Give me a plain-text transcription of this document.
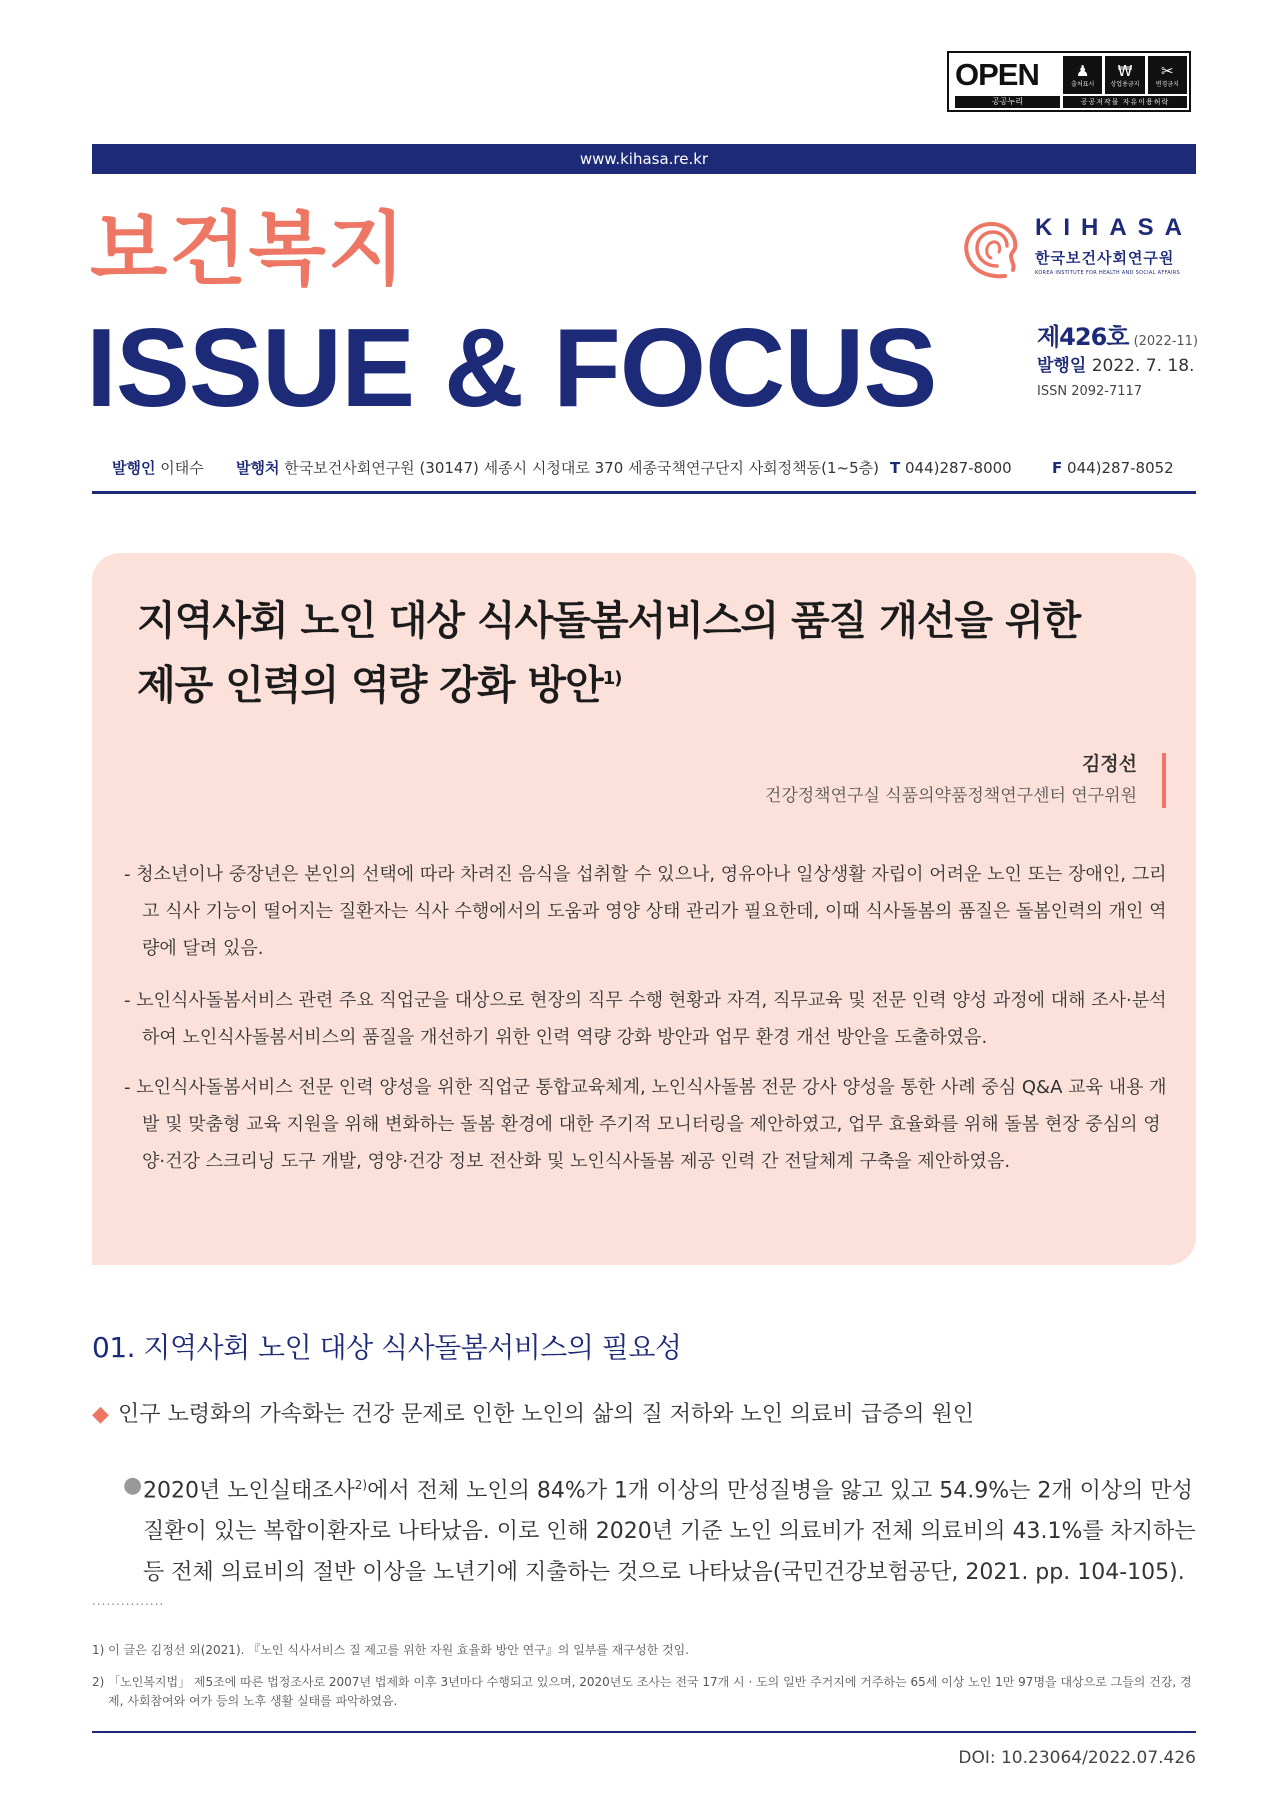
OPEN
공공누리
♟
출처표시
₩
상업용금지
✂
변경금지
공공저작물 자유이용허락
www.kihasa.re.kr
보건복지
ISSUE & FOCUS
KIHASA
한국보건사회연구원
KOREA INSTITUTE FOR HEALTH AND SOCIAL AFFAIRS
제426호 (2022-11)
발행일 2022. 7. 18.
ISSN 2092-7117
발행인 이태수 발행처 한국보건사회연구원 (30147) 세종시 시청대로 370 세종국책연구단지 사회정책동(1~5층) T 044)287-8000	F 044)287-8052
지역사회 노인 대상 식사돌봄서비스의 품질 개선을 위한
제공 인력의 역량 강화 방안$^{1)}$
김정선
건강정책연구실 식품의약품정책연구센터 연구위원
- 청소년이나 중장년은 본인의 선택에 따라 차려진 음식을 섭취할 수 있으나, 영유아나 일상생활 자립이 어려운 노인 또는 장애인, 그리고 식사 기능이 떨어지는 질환자는 식사 수행에서의 도움과 영양 상태 관리가 필요한데, 이때 식사돌봄의 품질은 돌봄인력의 개인 역량에 달려 있음.
- 노인식사돌봄서비스 관련 주요 직업군을 대상으로 현장의 직무 수행 현황과 자격, 직무교육 및 전문 인력 양성 과정에 대해 조사·분석하여 노인식사돌봄서비스의 품질을 개선하기 위한 인력 역량 강화 방안과 업무 환경 개선 방안을 도출하였음.
- 노인식사돌봄서비스 전문 인력 양성을 위한 직업군 통합교육체계, 노인식사돌봄 전문 강사 양성을 통한 사례 중심 Q&A 교육 내용 개발 및 맞춤형 교육 지원을 위해 변화하는 돌봄 환경에 대한 주기적 모니터링을 제안하였고, 업무 효율화를 위해 돌봄 현장 중심의 영양·건강 스크리닝 도구 개발, 영양·건강 정보 전산화 및 노인식사돌봄 제공 인력 간 전달체계 구축을 제안하였음.
01. 지역사회 노인 대상 식사돌봄서비스의 필요성
◆ 인구 노령화의 가속화는 건강 문제로 인한 노인의 삶의 질 저하와 노인 의료비 급증의 원인
● 2020년 노인실태조사$^{2)}$에서 전체 노인의 84%가 1개 이상의 만성질병을 앓고 있고 54.9%는 2개 이상의 만성질환이 있는 복합이환자로 나타났음. 이로 인해 2020년 기준 노인 의료비가 전체 의료비의 43.1%를 차지하는 등 전체 의료비의 절반 이상을 노년기에 지출하는 것으로 나타났음(국민건강보험공단, 2021. pp. 104-105).
...............
1) 이 글은 김정선 외(2021). 『노인 식사서비스 질 제고를 위한 자원 효율화 방안 연구』의 일부를 재구성한 것임.
2) 「노인복지법」 제5조에 따른 법정조사로 2007년 법제화 이후 3년마다 수행되고 있으며, 2020년도 조사는 전국 17개 시 · 도의 일반 주거지에 거주하는 65세 이상 노인 1만 97명을 대상으로 그들의 건강, 경제, 사회참여와 여가 등의 노후 생활 실태를 파악하였음.
DOI: 10.23064/2022.07.426
